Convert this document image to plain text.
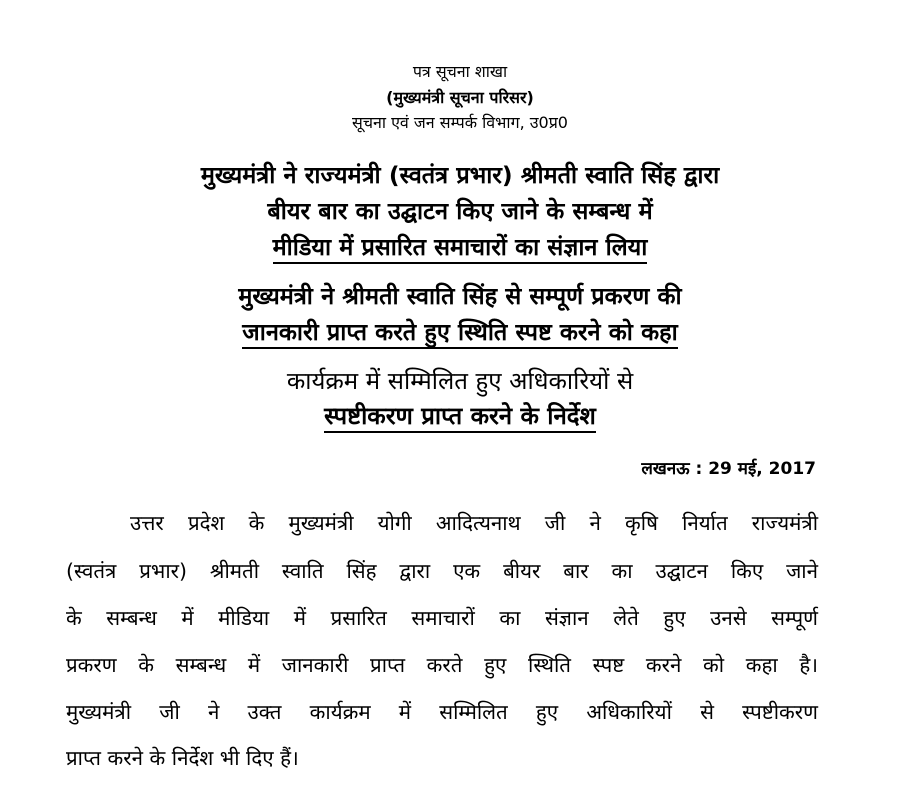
पत्र सूचना शाखा
(मुख्यमंत्री सूचना परिसर)
सूचना एवं जन सम्पर्क विभाग, उ0प्र0
मुख्यमंत्री ने राज्यमंत्री (स्वतंत्र प्रभार) श्रीमती स्वाति सिंह द्वारा
बीयर बार का उद्घाटन किए जाने के सम्बन्ध में
मीडिया में प्रसारित समाचारों का संज्ञान लिया
मुख्यमंत्री ने श्रीमती स्वाति सिंह से सम्पूर्ण प्रकरण की
जानकारी प्राप्त करते हुए स्थिति स्पष्ट करने को कहा
कार्यक्रम में सम्मिलित हुए अधिकारियों से
स्पष्टीकरण प्राप्त करने के निर्देश
लखनऊ : 29 मई, 2017
उत्तर प्रदेश के मुख्यमंत्री योगी आदित्यनाथ जी ने कृषि निर्यात राज्यमंत्री
(स्वतंत्र प्रभार) श्रीमती स्वाति सिंह द्वारा एक बीयर बार का उद्घाटन किए जाने
के सम्बन्ध में मीडिया में प्रसारित समाचारों का संज्ञान लेते हुए उनसे सम्पूर्ण
प्रकरण के सम्बन्ध में जानकारी प्राप्त करते हुए स्थिति स्पष्ट करने को कहा है।
मुख्यमंत्री जी ने उक्त कार्यक्रम में सम्मिलित हुए अधिकारियों से स्पष्टीकरण
प्राप्त करने के निर्देश भी दिए हैं।
